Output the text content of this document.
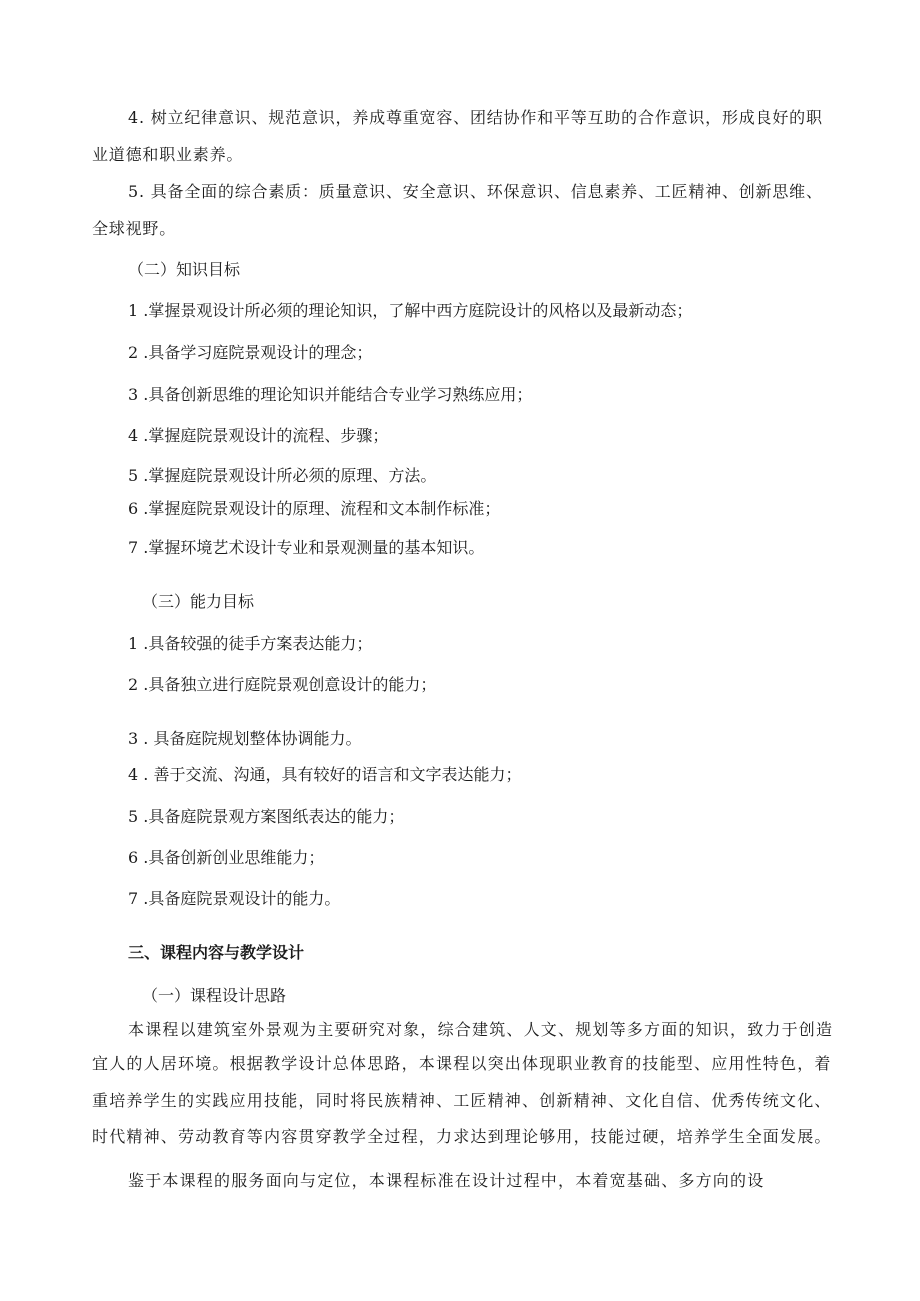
4. 树立纪律意识、规范意识，养成尊重宽容、团结协作和平等互助的合作意识，形成良好的职

业道德和职业素养。

5. 具备全面的综合素质：质量意识、安全意识、环保意识、信息素养、工匠精神、创新思维、

全球视野。

（二）知识目标

1 .掌握景观设计所必须的理论知识，了解中西方庭院设计的风格以及最新动态；

2 .具备学习庭院景观设计的理念；

3 .具备创新思维的理论知识并能结合专业学习熟练应用；

4 .掌握庭院景观设计的流程、步骤；

5 .掌握庭院景观设计所必须的原理、方法。

6 .掌握庭院景观设计的原理、流程和文本制作标准；

7 .掌握环境艺术设计专业和景观测量的基本知识。

（三）能力目标

1 .具备较强的徒手方案表达能力；

2 .具备独立进行庭院景观创意设计的能力；

3 . 具备庭院规划整体协调能力。

4 . 善于交流、沟通，具有较好的语言和文字表达能力；

5 .具备庭院景观方案图纸表达的能力；

6 .具备创新创业思维能力；

7 .具备庭院景观设计的能力。

三、课程内容与教学设计

（一）课程设计思路

本课程以建筑室外景观为主要研究对象，综合建筑、人文、规划等多方面的知识，致力于创造

宜人的人居环境。根据教学设计总体思路，本课程以突出体现职业教育的技能型、应用性特色，着

重培养学生的实践应用技能，同时将民族精神、工匠精神、创新精神、文化自信、优秀传统文化、

时代精神、劳动教育等内容贯穿教学全过程，力求达到理论够用，技能过硬，培养学生全面发展。

鉴于本课程的服务面向与定位，本课程标准在设计过程中，本着宽基础、多方向的设
